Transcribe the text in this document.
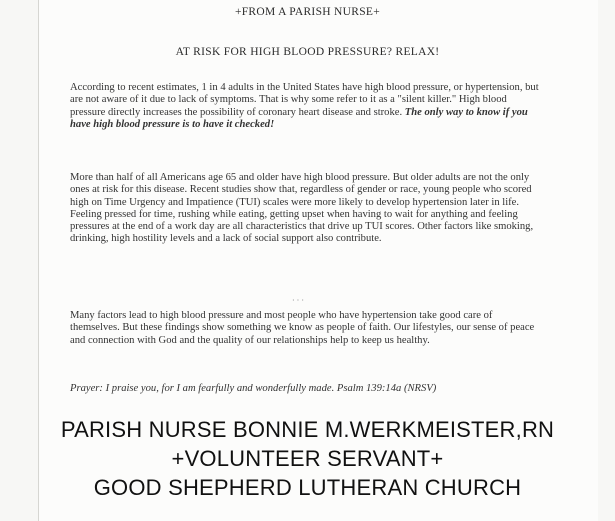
+FROM A PARISH NURSE+
AT RISK FOR HIGH BLOOD PRESSURE? RELAX!
According to recent estimates, 1 in 4 adults in the United States have high blood pressure, or hypertension, but are not aware of it due to lack of symptoms. That is why some refer to it as a "silent killer." High blood pressure directly increases the possibility of coronary heart disease and stroke. The only way to know if you have high blood pressure is to have it checked!
More than half of all Americans age 65 and older have high blood pressure. But older adults are not the only ones at risk for this disease. Recent studies show that, regardless of gender or race, young people who scored high on Time Urgency and Impatience (TUI) scales were more likely to develop hypertension later in life. Feeling pressed for time, rushing while eating, getting upset when having to wait for anything and feeling pressures at the end of a work day are all characteristics that drive up TUI scores. Other factors like smoking, drinking, high hostility levels and a lack of social support also contribute.
· · ·
Many factors lead to high blood pressure and most people who have hypertension take good care of themselves. But these findings show something we know as people of faith. Our lifestyles, our sense of peace and connection with God and the quality of our relationships help to keep us healthy.
Prayer: I praise you, for I am fearfully and wonderfully made. Psalm 139:14a (NRSV)
PARISH NURSE BONNIE M.WERKMEISTER,RN
+VOLUNTEER SERVANT+
GOOD SHEPHERD LUTHERAN CHURCH
